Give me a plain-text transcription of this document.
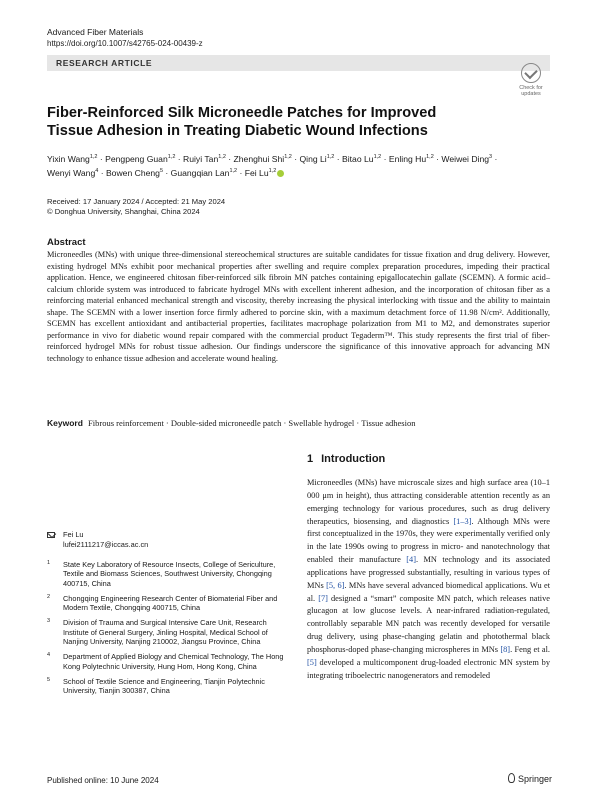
Advanced Fiber Materials
https://doi.org/10.1007/s42765-024-00439-z
RESEARCH ARTICLE
Check for updates
Fiber-Reinforced Silk Microneedle Patches for Improved Tissue Adhesion in Treating Diabetic Wound Infections
Yixin Wang$^{1,2}$ · Pengpeng Guan$^{1,2}$ · Ruiyi Tan$^{1,2}$ · Zhenghui Shi$^{1,2}$ · Qing Li$^{1,2}$ · Bitao Lu$^{1,2}$ · Enling Hu$^{1,2}$ · Weiwei Ding$^3$ ·
Wenyi Wang$^4$ · Bowen Cheng$^5$ · Guangqian Lan$^{1,2}$ · Fei Lu$^{1,2}$
Received: 17 January 2024 / Accepted: 21 May 2024
© Donghua University, Shanghai, China 2024
Abstract

Microneedles (MNs) with unique three-dimensional stereochemical structures are suitable candidates for tissue fixation and drug delivery. However, existing hydrogel MNs exhibit poor mechanical properties after swelling and require complex preparation procedures, impeding their practical application. Hence, we engineered chitosan fiber-reinforced silk fibroin MN patches containing epigallocatechin gallate (SCEMN). A formic acid–calcium chloride system was introduced to fabricate hydrogel MNs with excellent inherent adhesion, and the incorporation of chitosan fiber as a reinforcing material enhanced mechanical strength and viscosity, thereby increasing the physical interlocking with tissue and the ability to maintain shape. The SCEMN with a lower insertion force firmly adhered to porcine skin, with a maximum detachment force of 11.98 N/cm². Additionally, SCEMN has excellent antioxidant and antibacterial properties, facilitates macrophage polarization from M1 to M2, and demonstrates superior performance in vivo for diabetic wound repair compared with the commercial product Tegaderm™. This study represents the first trial of fiber-reinforced hydrogel MNs for robust tissue adhesion. Our findings underscore the significance of this innovative approach for advancing MN technology to enhance tissue adhesion and accelerate wound healing.

Keyword Fibrous reinforcement · Double-sided microneedle patch · Swellable hydrogel · Tissue adhesion
1 Introduction

Microneedles (MNs) have microscale sizes and high surface area (10–1 000 μm in height), thus attracting considerable attention recently as an emerging technology for various procedures, such as drug delivery therapeutics, biosensing, and diagnostics [1–3]. Although MNs were first conceptualized in the 1970s, they were experimentally verified only in the late 1990s owing to progress in micro- and nanotechnology that enabled their manufacture [4]. MN technology and its associated applications have progressed substantially, resulting in various types of MNs [5, 6]. MNs have several advanced biomedical applications. Wu et al. [7] designed a “smart” composite MN patch, which releases native glucagon at low glucose levels. A near-infrared radiation-regulated, controllably separable MN patch was recently developed for versatile drug delivery, using phase-changing gelatin and photothermal black phosphorus-doped phase-changing microspheres in MNs [8]. Feng et al. [5] developed a multicomponent drug-loaded electronic MN system by integrating triboelectric nanogenerators and remodeled

Fei Lu
lufei2111217@iccas.ac.cn
1 State Key Laboratory of Resource Insects, College of Sericulture, Textile and Biomass Sciences, Southwest University, Chongqing 400715, China
2 Chongqing Engineering Research Center of Biomaterial Fiber and Modern Textile, Chongqing 400715, China
3 Division of Trauma and Surgical Intensive Care Unit, Research Institute of General Surgery, Jinling Hospital, Medical School of Nanjing University, Nanjing 210002, Jiangsu Province, China
4 Department of Applied Biology and Chemical Technology, The Hong Kong Polytechnic University, Hung Hom, Hong Kong, China
5 School of Textile Science and Engineering, Tianjin Polytechnic University, Tianjin 300387, China
Published online: 10 June 2024	Springer
